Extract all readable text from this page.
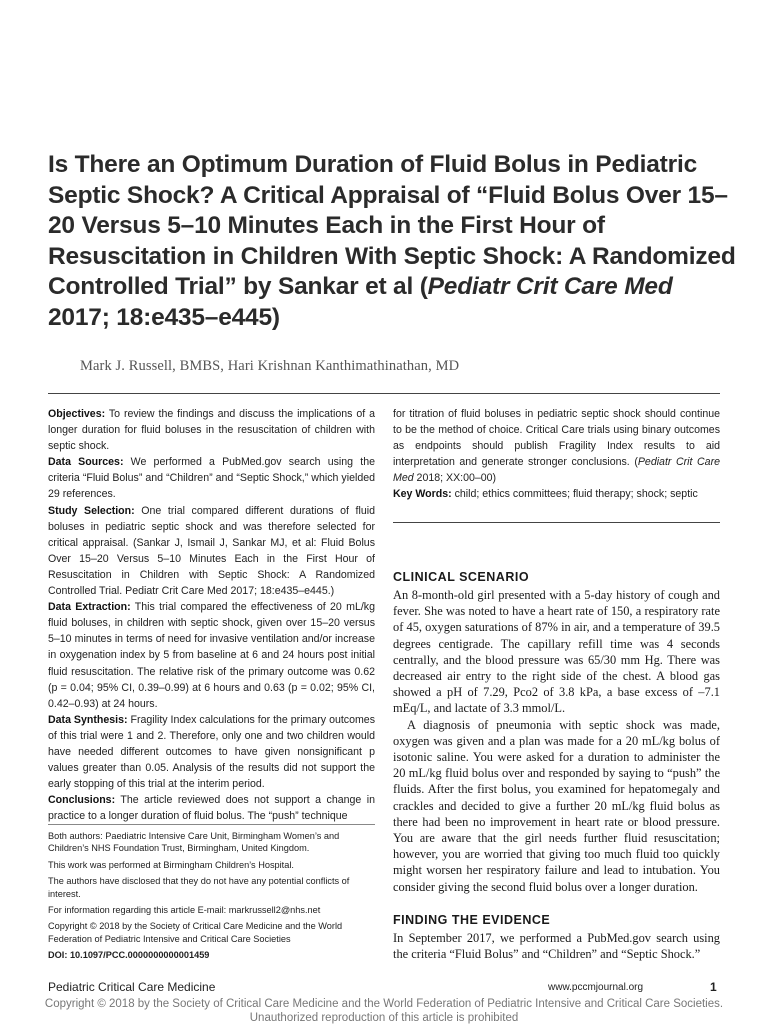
Is There an Optimum Duration of Fluid Bolus in Pediatric Septic Shock? A Critical Appraisal of “Fluid Bolus Over 15–20 Versus 5–10 Minutes Each in the First Hour of Resuscitation in Children With Septic Shock: A Randomized Controlled Trial” by Sankar et al (Pediatr Crit Care Med 2017; 18:e435–e445)
Mark J. Russell, BMBS, Hari Krishnan Kanthimathinathan, MD

Objectives: To review the findings and discuss the implications of a longer duration for fluid boluses in the resuscitation of children with septic shock.

Data Sources: We performed a PubMed.gov search using the criteria “Fluid Bolus” and “Children” and “Septic Shock,” which yielded 29 references.

Study Selection: One trial compared different durations of fluid boluses in pediatric septic shock and was therefore selected for critical appraisal. (Sankar J, Ismail J, Sankar MJ, et al: Fluid Bolus Over 15–20 Versus 5–10 Minutes Each in the First Hour of Resuscitation in Children with Septic Shock: A Randomized Controlled Trial. Pediatr Crit Care Med 2017; 18:e435–e445.)

Data Extraction: This trial compared the effectiveness of 20 mL/kg fluid boluses, in children with septic shock, given over 15–20 versus 5–10 minutes in terms of need for invasive ventilation and/or increase in oxygenation index by 5 from baseline at 6 and 24 hours post initial fluid resuscitation. The relative risk of the primary outcome was 0.62 (p = 0.04; 95% CI, 0.39–0.99) at 6 hours and 0.63 (p = 0.02; 95% CI, 0.42–0.93) at 24 hours.

Data Synthesis: Fragility Index calculations for the primary outcomes of this trial were 1 and 2. Therefore, only one and two children would have needed different outcomes to have given nonsignificant p values greater than 0.05. Analysis of the results did not support the early stopping of this trial at the interim period.

Conclusions: The article reviewed does not support a change in practice to a longer duration of fluid bolus. The “push” technique

for titration of fluid boluses in pediatric septic shock should continue to be the method of choice. Critical Care trials using binary outcomes as endpoints should publish Fragility Index results to aid interpretation and generate stronger conclusions. (Pediatr Crit Care Med 2018; XX:00–00)

Key Words: child; ethics committees; fluid therapy; shock; septic

Both authors: Paediatric Intensive Care Unit, Birmingham Women’s and Children’s NHS Foundation Trust, Birmingham, United Kingdom.

This work was performed at Birmingham Children’s Hospital.

The authors have disclosed that they do not have any potential conflicts of interest.

For information regarding this article E-mail: markrussell2@nhs.net

Copyright © 2018 by the Society of Critical Care Medicine and the World Federation of Pediatric Intensive and Critical Care Societies

DOI: 10.1097/PCC.0000000000001459

CLINICAL SCENARIO

An 8-month-old girl presented with a 5-day history of cough and fever. She was noted to have a heart rate of 150, a respiratory rate of 45, oxygen saturations of 87% in air, and a temperature of 39.5 degrees centigrade. The capillary refill time was 4 seconds centrally, and the blood pressure was 65/30 mm Hg. There was decreased air entry to the right side of the chest. A blood gas showed a pH of 7.29, Pco2 of 3.8 kPa, a base excess of –7.1 mEq/L, and lactate of 3.3 mmol/L.

A diagnosis of pneumonia with septic shock was made, oxygen was given and a plan was made for a 20 mL/kg bolus of isotonic saline. You were asked for a duration to administer the 20 mL/kg fluid bolus over and responded by saying to “push” the fluids. After the first bolus, you examined for hepatomegaly and crackles and decided to give a further 20 mL/kg fluid bolus as there had been no improvement in heart rate or blood pressure. You are aware that the girl needs further fluid resuscitation; however, you are worried that giving too much fluid too quickly might worsen her respiratory failure and lead to intubation. You consider giving the second fluid bolus over a longer duration.

FINDING THE EVIDENCE

In September 2017, we performed a PubMed.gov search using the criteria “Fluid Bolus” and “Children” and “Septic Shock.”

Pediatric Critical Care Medicine	www.pccmjournal.org	1
Copyright © 2018 by the Society of Critical Care Medicine and the World Federation of Pediatric Intensive and Critical Care Societies.
Unauthorized reproduction of this article is prohibited
